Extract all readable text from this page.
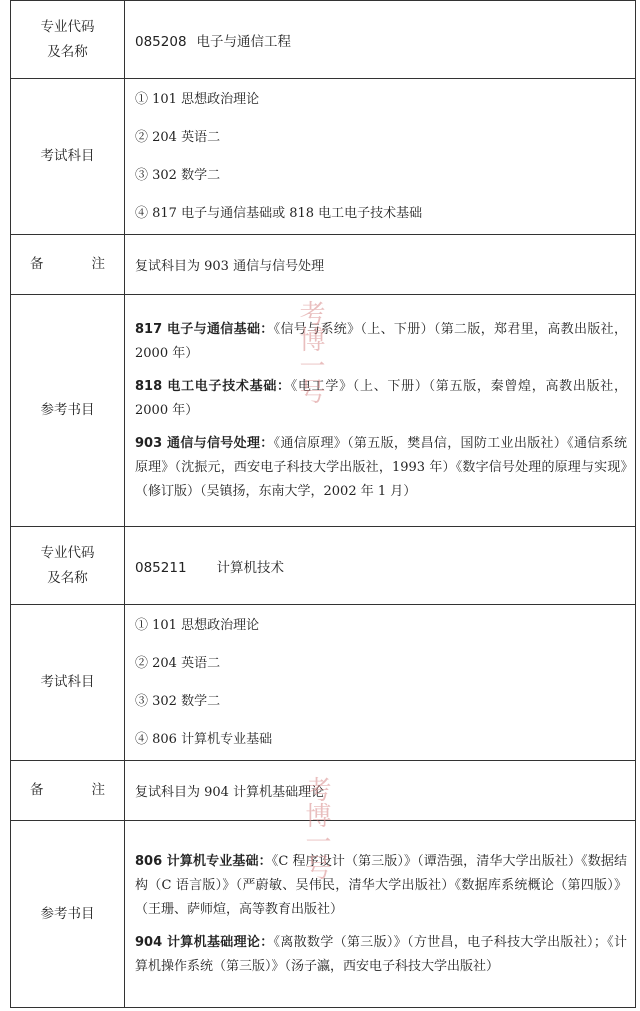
专业代码
及名称	085208 电子与通信工程
考试科目	① 101 思想政治理论
② 204 英语二
③ 302 数学二
④ 817 电子与通信基础或 818 电工电子技术基础

备 注	复试科目为 903 通信与信号处理
参考书目	817 电子与通信基础：《信号与系统》（上、下册）（第二版，郑君里，高教出版社，2000 年）

818 电工电子技术基础：《电工学》（上、下册）（第五版，秦曾煌，高教出版社，2000 年）

903 通信与信号处理：《通信原理》（第五版，樊昌信，国防工业出版社）《通信系统原理》（沈振元，西安电子科技大学出版社，1993 年）《数字信号处理的原理与实现》（修订版）（吴镇扬，东南大学，2002 年 1 月）

专业代码
及名称	085211 计算机技术
考试科目	① 101 思想政治理论
② 204 英语二
③ 302 数学二
④ 806 计算机专业基础

备 注	复试科目为 904 计算机基础理论
参考书目	806 计算机专业基础：《C 程序设计（第三版）》（谭浩强，清华大学出版社）《数据结构（C 语言版）》（严蔚敏、吴伟民，清华大学出版社）《数据库系统概论（第四版）》（王珊、萨师煊，高等教育出版社）

904 计算机基础理论：《离散数学（第三版）》（方世昌，电子科技大学出版社）；《计算机操作系统（第三版）》（汤子瀛，西安电子科技大学出版社）

考博一号
考博一号
